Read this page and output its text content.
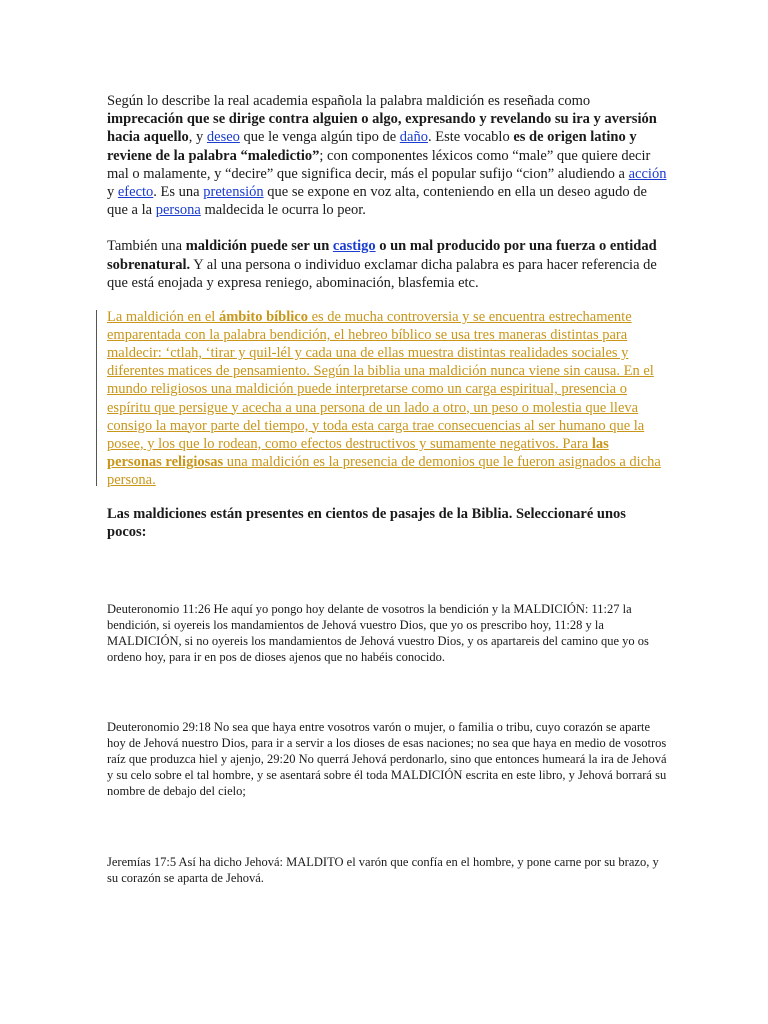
Según lo describe la real academia española la palabra maldición es reseñada como imprecación que se dirige contra alguien o algo, expresando y revelando su ira y aversión hacia aquello, y deseo que le venga algún tipo de daño. Este vocablo es de origen latino y reviene de la palabra “maledictio”; con componentes léxicos como “male” que quiere decir mal o malamente, y “decire” que significa decir, más el popular sufijo “cion” aludiendo a acción y efecto. Es una pretensión que se expone en voz alta, conteniendo en ella un deseo agudo de que a la persona maldecida le ocurra lo peor.

También una maldición puede ser un castigo o un mal producido por una fuerza o entidad sobrenatural. Y al una persona o individuo exclamar dicha palabra es para hacer referencia de que está enojada y expresa reniego, abominación, blasfemia etc.

La maldición en el ámbito bíblico es de mucha controversia y se encuentra estrechamente emparentada con la palabra bendición, el hebreo bíblico se usa tres maneras distintas para maldecir: ‘ctlah, ‘tirar y quil-lél y cada una de ellas muestra distintas realidades sociales y diferentes matices de pensamiento. Según la biblia una maldición nunca viene sin causa. En el mundo religiosos una maldición puede interpretarse como un carga espiritual, presencia o espíritu que persigue y acecha a una persona de un lado a otro, un peso o molestia que lleva consigo la mayor parte del tiempo, y toda esta carga trae consecuencias al ser humano que la posee, y los que lo rodean, como efectos destructivos y sumamente negativos. Para las personas religiosas una maldición es la presencia de demonios que le fueron asignados a dicha persona.

Las maldiciones están presentes en cientos de pasajes de la Biblia. Seleccionaré unos pocos:

Deuteronomio 11:26 He aquí yo pongo hoy delante de vosotros la bendición y la MALDICIÓN: 11:27 la bendición, si oyereis los mandamientos de Jehová vuestro Dios, que yo os prescribo hoy, 11:28 y la MALDICIÓN, si no oyereis los mandamientos de Jehová vuestro Dios, y os apartareis del camino que yo os ordeno hoy, para ir en pos de dioses ajenos que no habéis conocido.

Deuteronomio 29:18 No sea que haya entre vosotros varón o mujer, o familia o tribu, cuyo corazón se aparte hoy de Jehová nuestro Dios, para ir a servir a los dioses de esas naciones; no sea que haya en medio de vosotros raíz que produzca hiel y ajenjo, 29:20 No querrá Jehová perdonarlo, sino que entonces humeará la ira de Jehová y su celo sobre el tal hombre, y se asentará sobre él toda MALDICIÓN escrita en este libro, y Jehová borrará su nombre de debajo del cielo;

Jeremías 17:5 Así ha dicho Jehová: MALDITO el varón que confía en el hombre, y pone carne por su brazo, y su corazón se aparta de Jehová.
